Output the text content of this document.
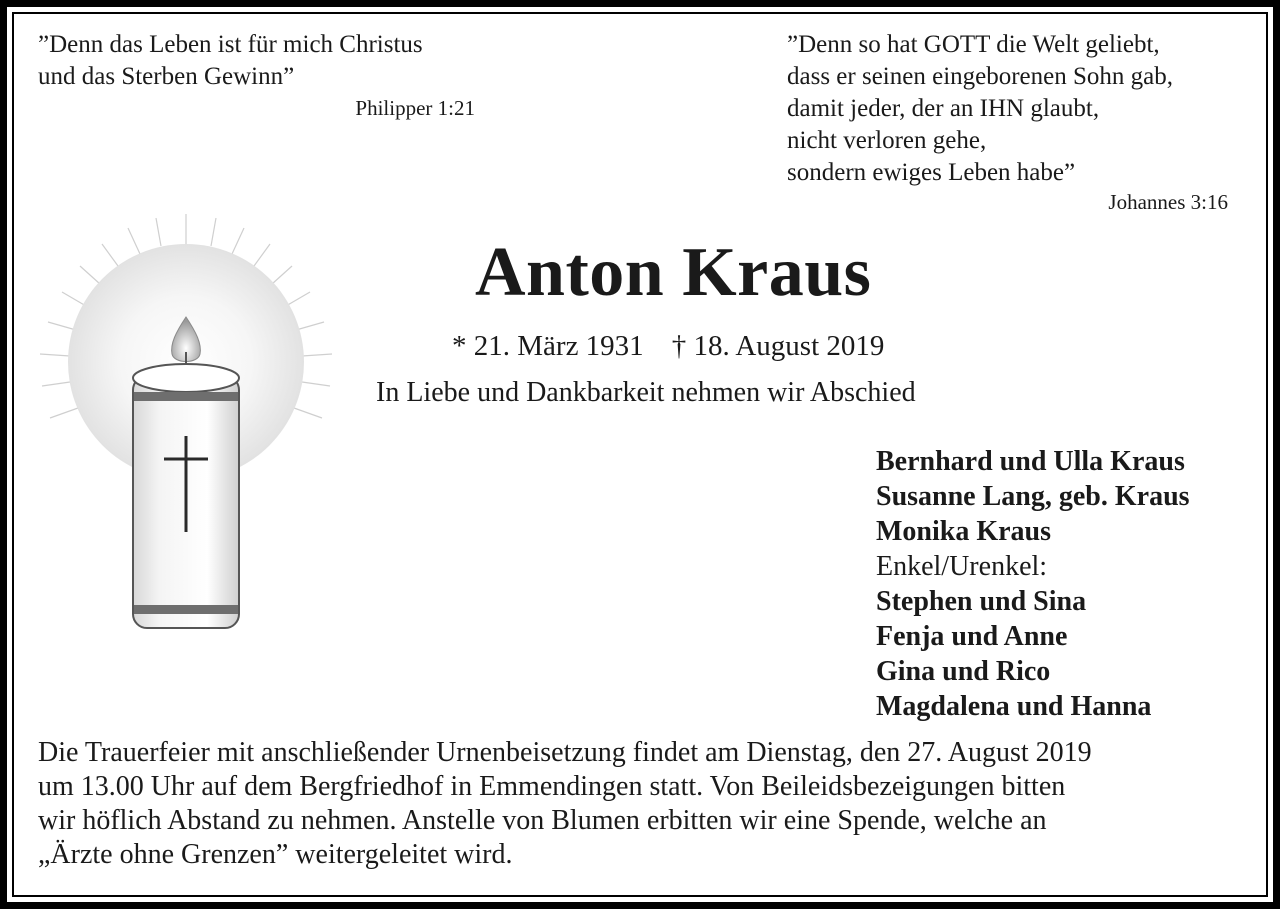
”Denn das Leben ist für mich Christus
und das Sterben Gewinn”
Philipper 1:21
”Denn so hat GOTT die Welt geliebt,
dass er seinen eingeborenen Sohn gab,
damit jeder, der an IHN glaubt,
nicht verloren gehe,
sondern ewiges Leben habe”
Johannes 3:16
Anton Kraus
* 21. März 1931 † 18. August 2019
In Liebe und Dankbarkeit nehmen wir Abschied
Bernhard und Ulla Kraus
Susanne Lang, geb. Kraus
Monika Kraus
Enkel/Urenkel:
Stephen und Sina
Fenja und Anne
Gina und Rico
Magdalena und Hanna
Die Trauerfeier mit anschließender Urnenbeisetzung findet am Dienstag, den 27. August 2019
um 13.00 Uhr auf dem Bergfriedhof in Emmendingen statt. Von Beileidsbezeigungen bitten
wir höflich Abstand zu nehmen. Anstelle von Blumen erbitten wir eine Spende, welche an
„Ärzte ohne Grenzen” weitergeleitet wird.
